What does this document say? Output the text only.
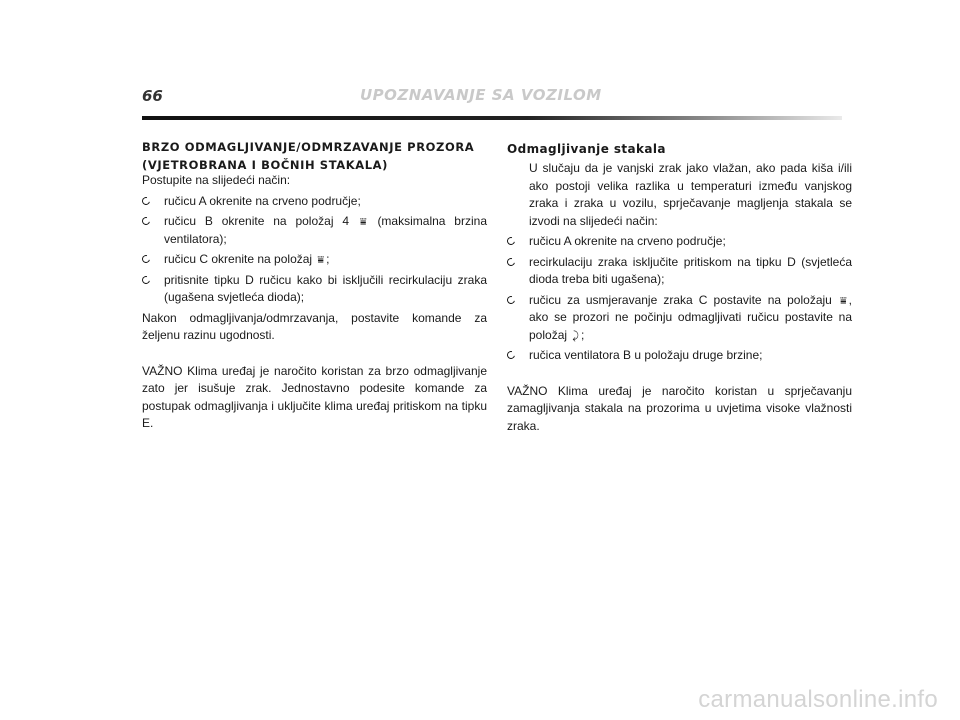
66	UPOZNAVANJE SA VOZILOM
BRZO ODMAGLJIVANJE/ODMRZAVANJE PROZORA
(VJETROBRANA I BOČNIH STAKALA)

Postupite na slijedeći način:

ručicu A okrenite na crveno područje;
ručicu B okrenite na položaj 4 ⩸ (maksimalna brzina ventilatora);
ručicu C okrenite na položaj ⩸ ;
pritisnite tipku D ručicu kako bi isključili recirkulaciju zraka (ugašena svjetleća dioda);

Nakon odmagljivanja/odmrzavanja, postavite komande za željenu razinu ugodnosti.

VAŽNO Klima uređaj je naročito koristan za brzo odmagljivanje zato jer isušuje zrak. Jednostavno podesite komande za postupak odmagljivanja i uključite klima uređaj pritiskom na tipku E.

Odmagljivanje stakala

U slučaju da je vanjski zrak jako vlažan, ako pada kiša i/ili ako postoji velika razlika u temperaturi između vanjskog zraka i zraka u vozilu, sprječavanje magljenja stakala se izvodi na slijedeći način:

ručicu A okrenite na crveno područje;
recirkulaciju zraka isključite pritiskom na tipku D (svjetleća dioda treba biti ugašena);
ručicu za usmjeravanje zraka C postavite na položaju ⩸ , ako se prozori ne počinju odmagljivati ručicu postavite na položaj ⤸ ;
ručica ventilatora B u položaju druge brzine;

VAŽNO Klima uređaj je naročito koristan u sprječavanju zamagljivanja stakala na prozorima u uvjetima visoke vlažnosti zraka.

carmanualsonline.info
